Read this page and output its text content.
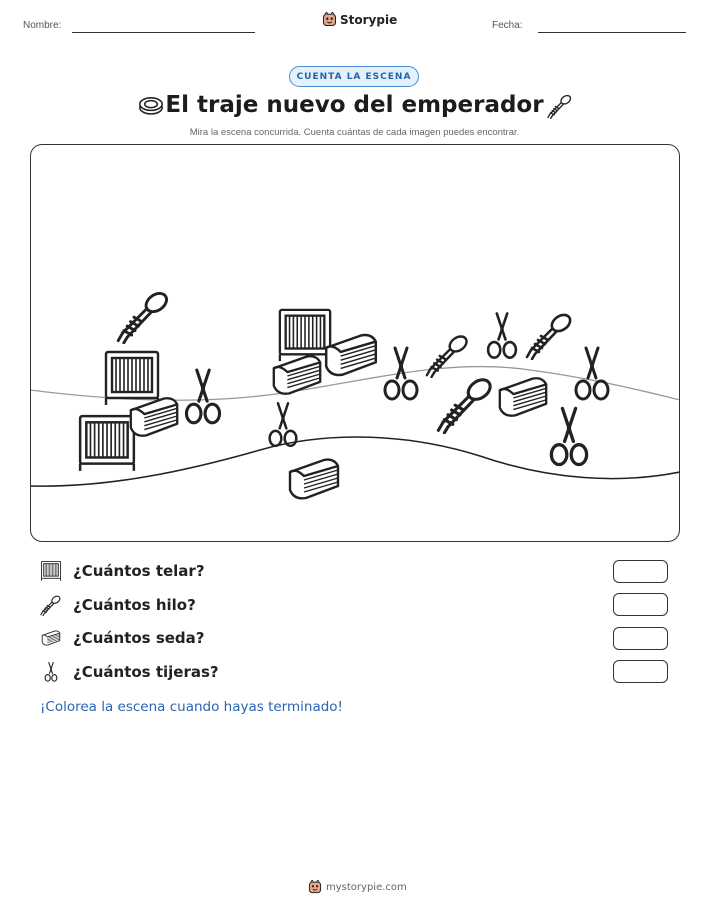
Nombre:	Storypie	Fecha:
CUENTA LA ESCENA
El traje nuevo del emperador
Mira la escena concurrida. Cuenta cuántas de cada imagen puedes encontrar.
¿Cuántos telar?
¿Cuántos hilo?
¿Cuántos seda?
¿Cuántos tijeras?
¡Colorea la escena cuando hayas terminado!
mystorypie.com
